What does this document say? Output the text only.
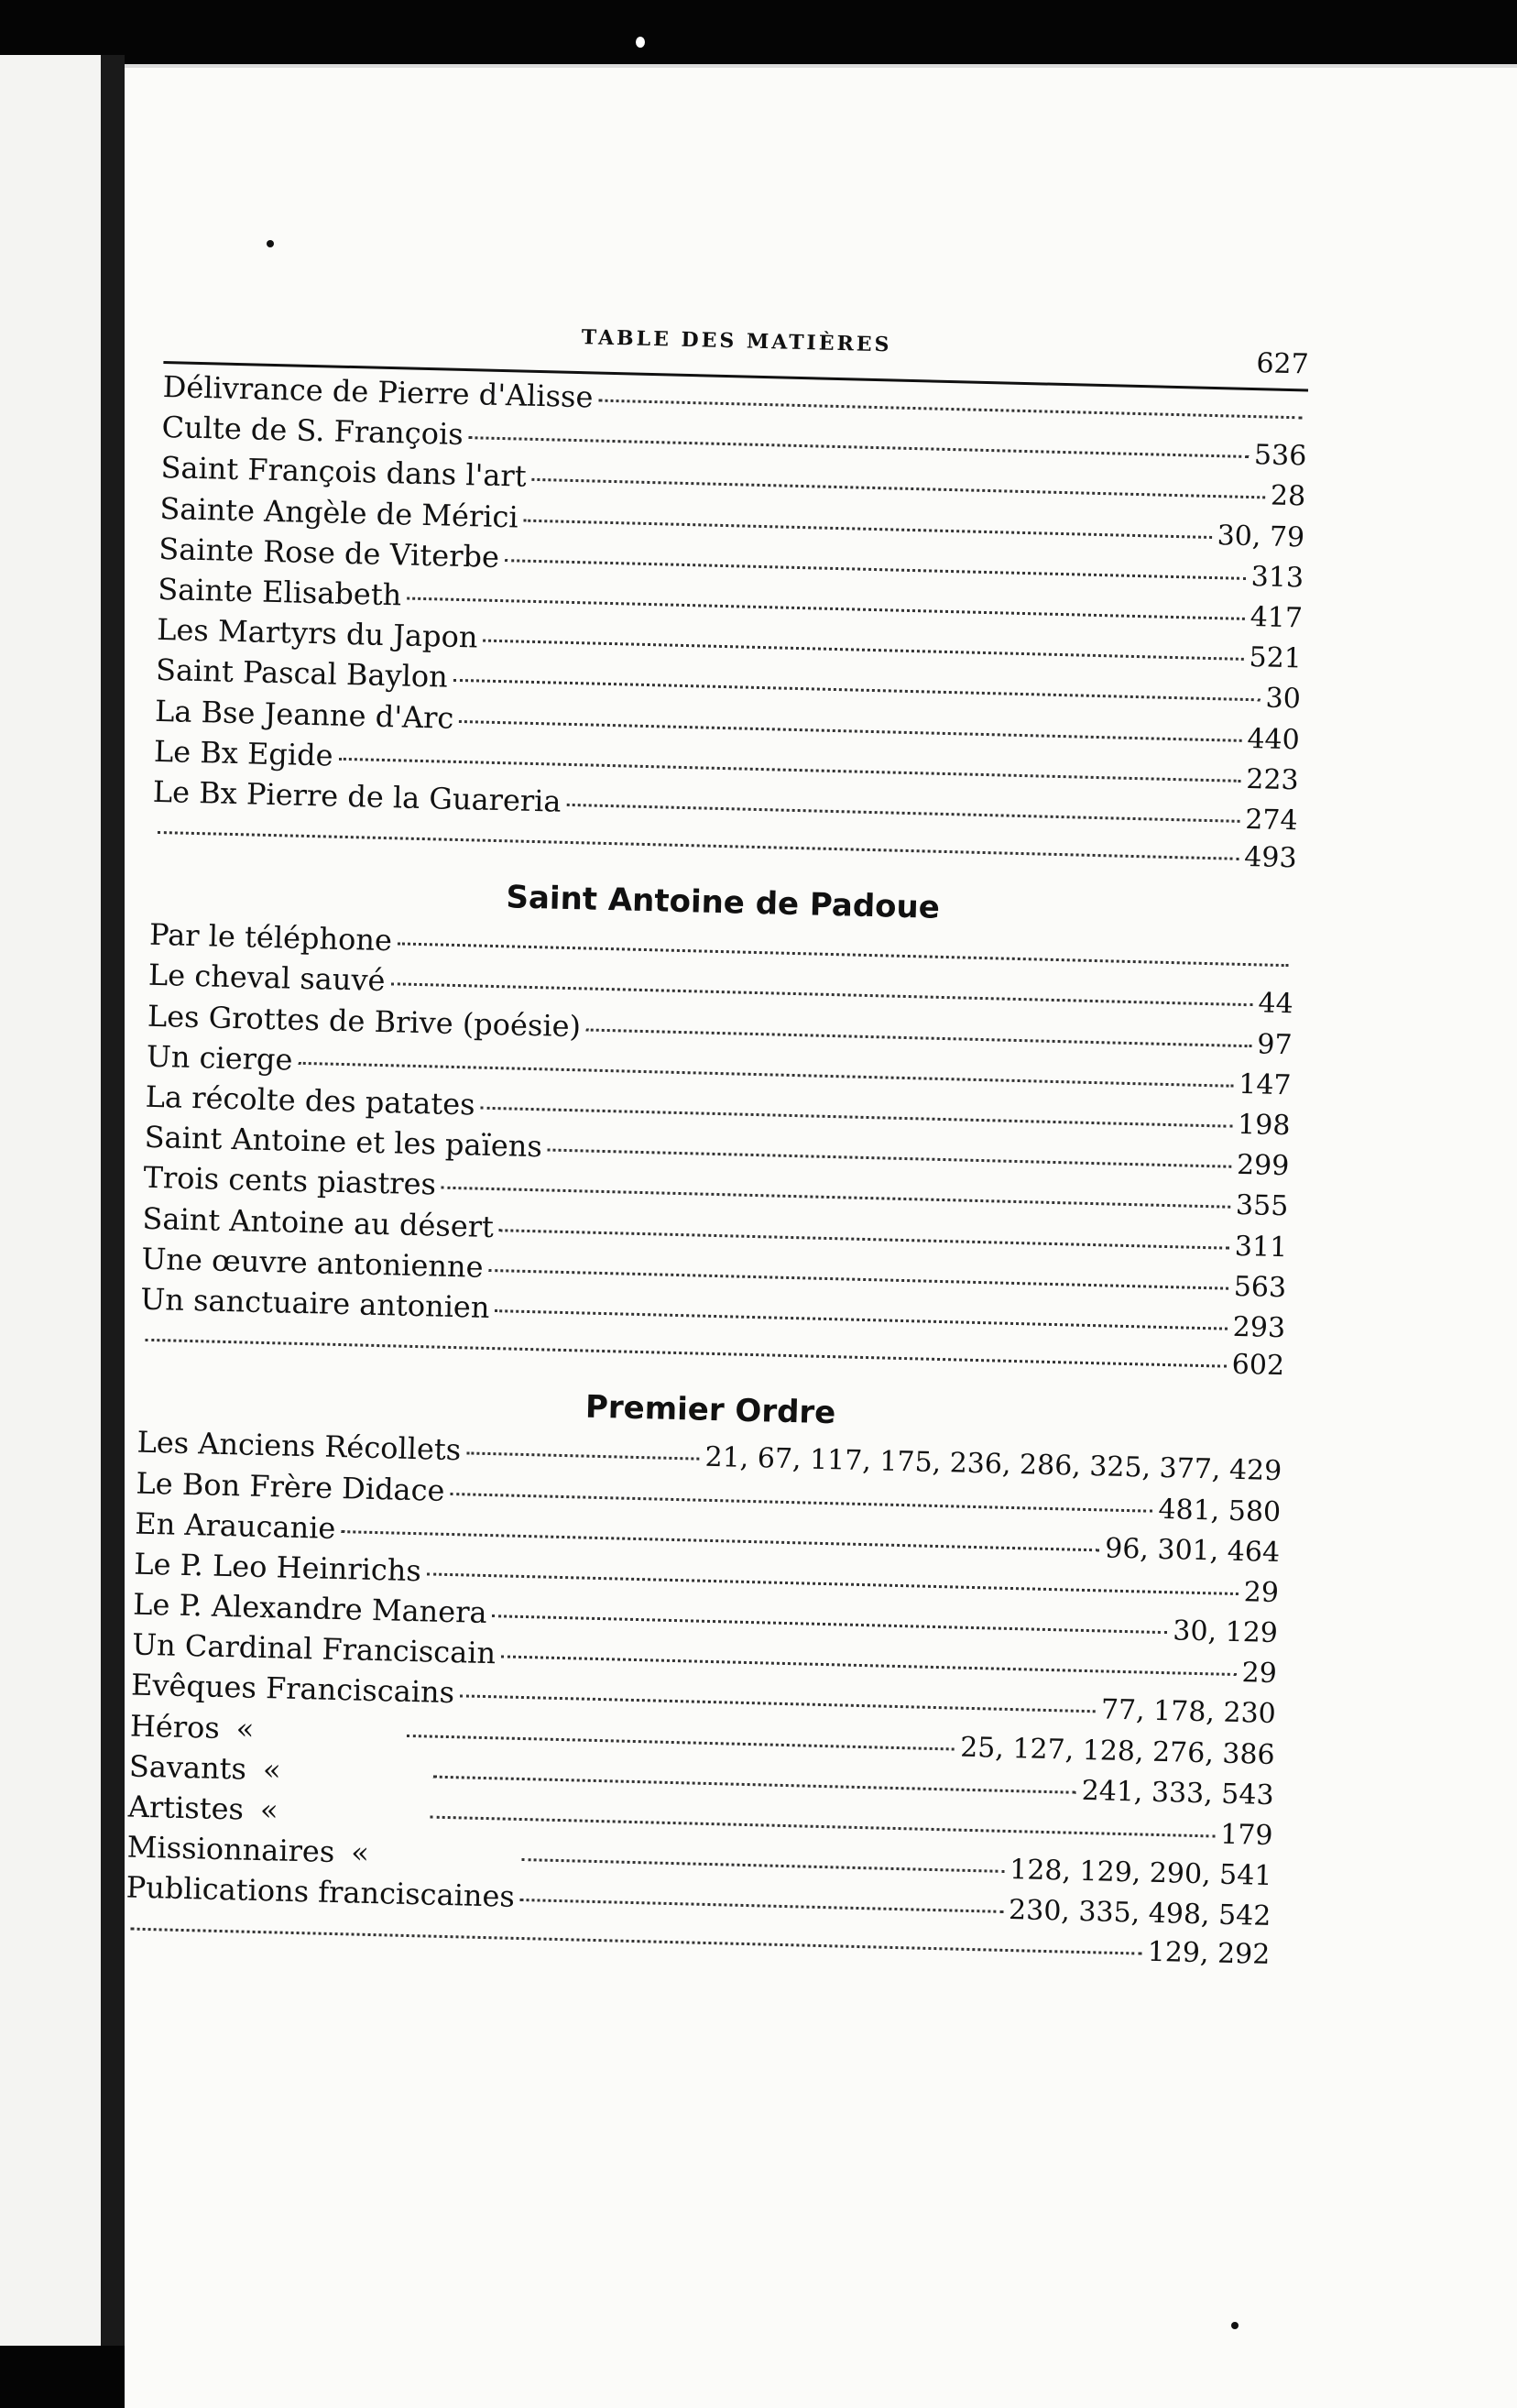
TABLE DES MATIÈRES
627
Délivrance de Pierre d'Alisse
Culte de S. François
536
Saint François dans l'art
28
Sainte Angèle de Mérici
30, 79
Sainte Rose de Viterbe
313
Sainte Elisabeth
417
Les Martyrs du Japon
521
Saint Pascal Baylon
30
La Bse Jeanne d'Arc
440
Le Bx Egide
223
Le Bx Pierre de la Guareria
274
493
Saint Antoine de Padoue
Par le téléphone
Le cheval sauvé
44
Les Grottes de Brive (poésie)
97
Un cierge
147
La récolte des patates
198
Saint Antoine et les païens
299
Trois cents piastres
355
Saint Antoine au désert
311
Une œuvre antonienne
563
Un sanctuaire antonien
293
602
Premier Ordre
Les Anciens Récollets	21, 67, 117, 175, 236, 286, 325, 377, 429
Le Bon Frère Didace
481, 580
En Araucanie
96, 301, 464
Le P. Leo Heinrichs
29
Le P. Alexandre Manera
30, 129
Un Cardinal Franciscain
29
Evêques Franciscains
77, 178, 230
Héros «
25, 127, 128, 276, 386
Savants «
241, 333, 543
Artistes «
179
Missionnaires «
128, 129, 290, 541
Publications franciscaines	230, 335, 498, 542
129, 292
